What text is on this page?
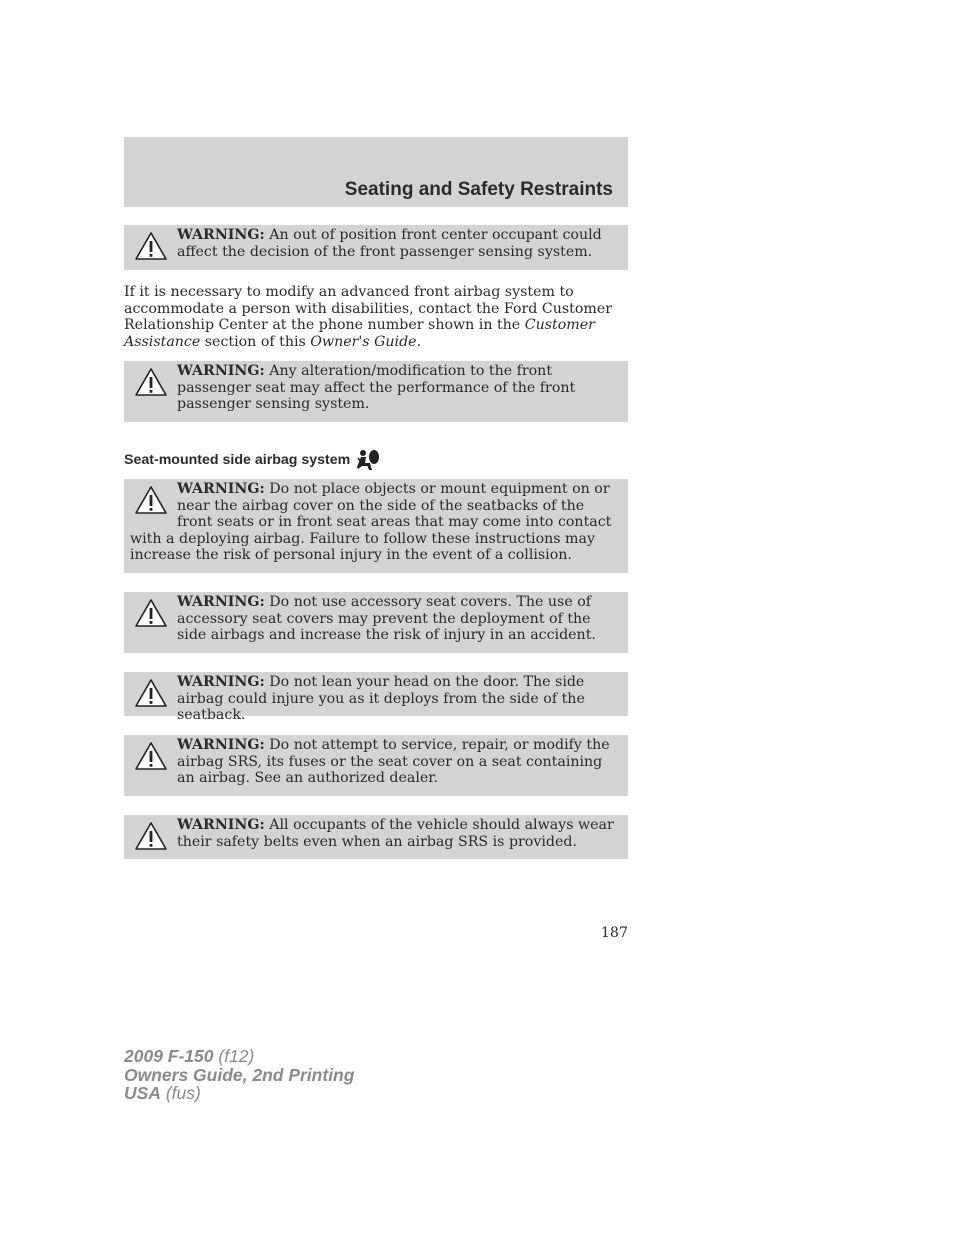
Seating and Safety Restraints
WARNING: An out of position front center occupant could affect the decision of the front passenger sensing system.
If it is necessary to modify an advanced front airbag system to accommodate a person with disabilities, contact the Ford Customer Relationship Center at the phone number shown in the Customer Assistance section of this Owner's Guide.
WARNING: Any alteration/modification to the front passenger seat may affect the performance of the front passenger sensing system.
Seat-mounted side airbag system
WARNING: Do not place objects or mount equipment on or near the airbag cover on the side of the seatbacks of the front seats or in front seat areas that may come into contact with a deploying airbag. Failure to follow these instructions may increase the risk of personal injury in the event of a collision.
WARNING: Do not use accessory seat covers. The use of accessory seat covers may prevent the deployment of the side airbags and increase the risk of injury in an accident.
WARNING: Do not lean your head on the door. The side airbag could injure you as it deploys from the side of the seatback.
WARNING: Do not attempt to service, repair, or modify the airbag SRS, its fuses or the seat cover on a seat containing an airbag. See an authorized dealer.
WARNING: All occupants of the vehicle should always wear their safety belts even when an airbag SRS is provided.
187
2009 F-150 (f12)
Owners Guide, 2nd Printing
USA (fus)
